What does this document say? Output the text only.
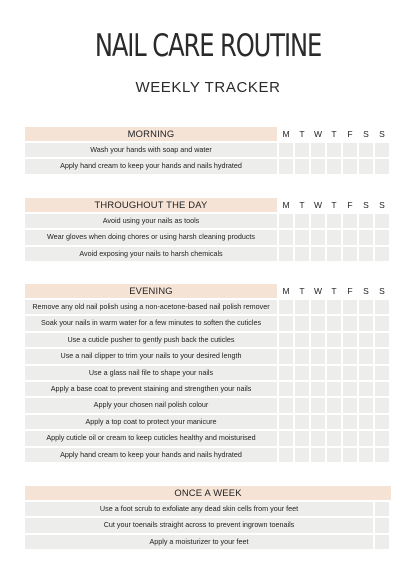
NAIL CARE ROUTINE
WEEKLY TRACKER
MORNING	M	T	W	T	F	S	S
Wash your hands with soap and water
Apply hand cream to keep your hands and nails hydrated
THROUGHOUT THE DAY	M	T	W	T	F	S	S
Avoid using your nails as tools
Wear gloves when doing chores or using harsh cleaning products
Avoid exposing your nails to harsh chemicals
EVENING	M	T	W	T	F	S	S
Remove any old nail polish using a non-acetone-based nail polish remover
Soak your nails in warm water for a few minutes to soften the cuticles
Use a cuticle pusher to gently push back the cuticles
Use a nail clipper to trim your nails to your desired length
Use a glass nail file to shape your nails
Apply a base coat to prevent staining and strengthen your nails
Apply your chosen nail polish colour
Apply a top coat to protect your manicure
Apply cuticle oil or cream to keep cuticles healthy and moisturised
Apply hand cream to keep your hands and nails hydrated
ONCE A WEEK
Use a foot scrub to exfoliate any dead skin cells from your feet
Cut your toenails straight across to prevent ingrown toenails
Apply a moisturizer to your feet
